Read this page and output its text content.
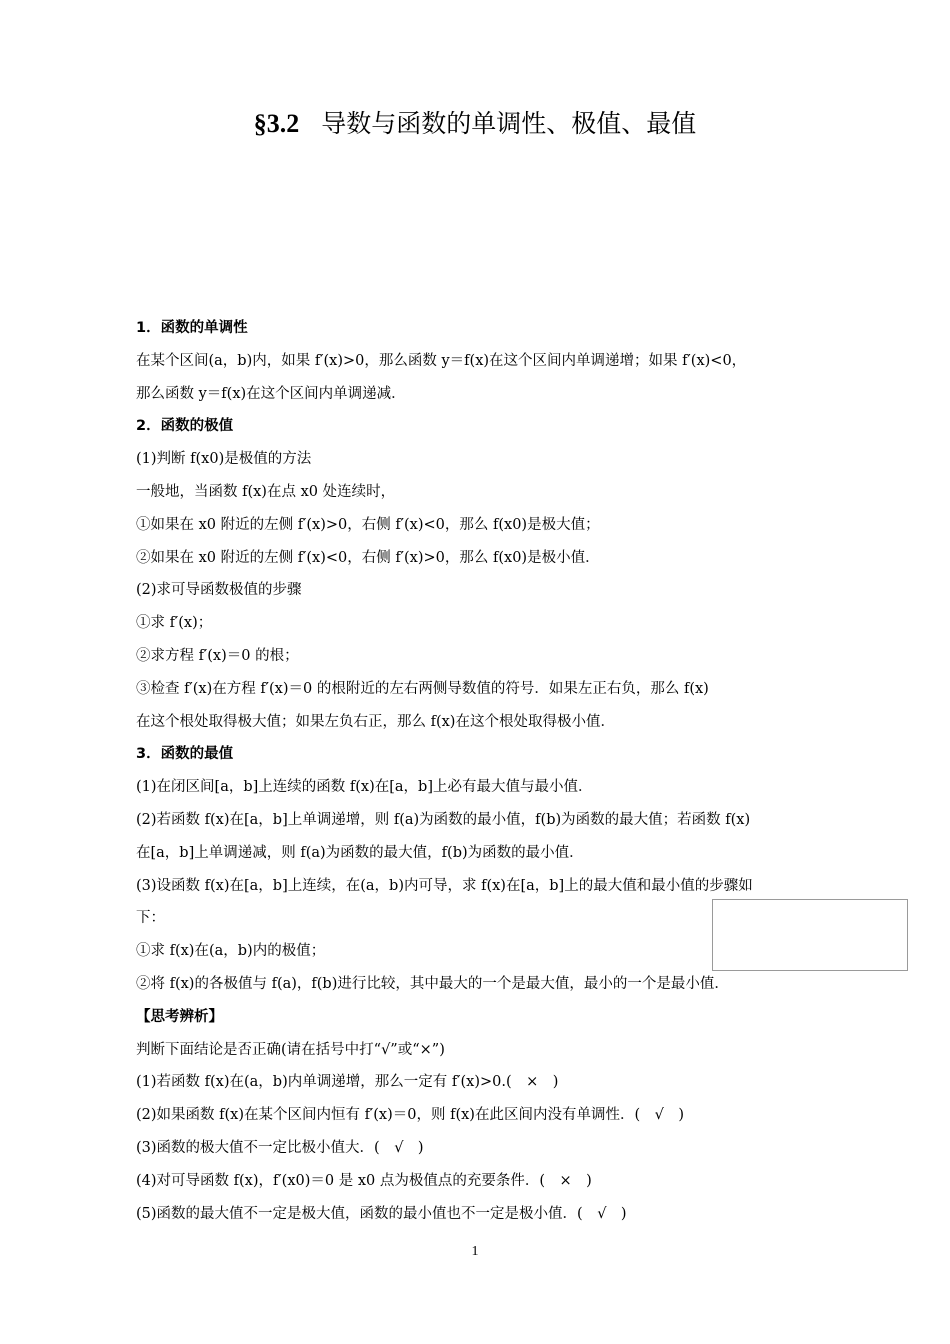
§3.2 导数与函数的单调性、极值、最值
1．函数的单调性
在某个区间(a，b)内，如果 f′(x)>0，那么函数 y＝f(x)在这个区间内单调递增；如果 f′(x)<0，
那么函数 y＝f(x)在这个区间内单调递减．
2．函数的极值
(1)判断 f(x0)是极值的方法
一般地，当函数 f(x)在点 x0 处连续时，
①如果在 x0 附近的左侧 f′(x)>0，右侧 f′(x)<0，那么 f(x0)是极大值；
②如果在 x0 附近的左侧 f′(x)<0，右侧 f′(x)>0，那么 f(x0)是极小值．
(2)求可导函数极值的步骤
①求 f′(x)；
②求方程 f′(x)＝0 的根；
③检查 f′(x)在方程 f′(x)＝0 的根附近的左右两侧导数值的符号．如果左正右负，那么 f(x)
在这个根处取得极大值；如果左负右正，那么 f(x)在这个根处取得极小值．
3．函数的最值
(1)在闭区间[a，b]上连续的函数 f(x)在[a，b]上必有最大值与最小值．
(2)若函数 f(x)在[a，b]上单调递增，则 f(a)为函数的最小值，f(b)为函数的最大值；若函数 f(x)
在[a，b]上单调递减，则 f(a)为函数的最大值，f(b)为函数的最小值．
(3)设函数 f(x)在[a，b]上连续，在(a，b)内可导，求 f(x)在[a，b]上的最大值和最小值的步骤如
下：
①求 f(x)在(a，b)内的极值；
②将 f(x)的各极值与 f(a)，f(b)进行比较，其中最大的一个是最大值，最小的一个是最小值．
【思考辨析】
判断下面结论是否正确(请在括号中打“√”或“×”)
(1)若函数 f(x)在(a，b)内单调递增，那么一定有 f′(x)>0.(　×　)
(2)如果函数 f(x)在某个区间内恒有 f′(x)＝0，则 f(x)在此区间内没有单调性．(　√　)
(3)函数的极大值不一定比极小值大．(　√　)
(4)对可导函数 f(x)，f′(x0)＝0 是 x0 点为极值点的充要条件．(　×　)
(5)函数的最大值不一定是极大值，函数的最小值也不一定是极小值．(　√　)
1
